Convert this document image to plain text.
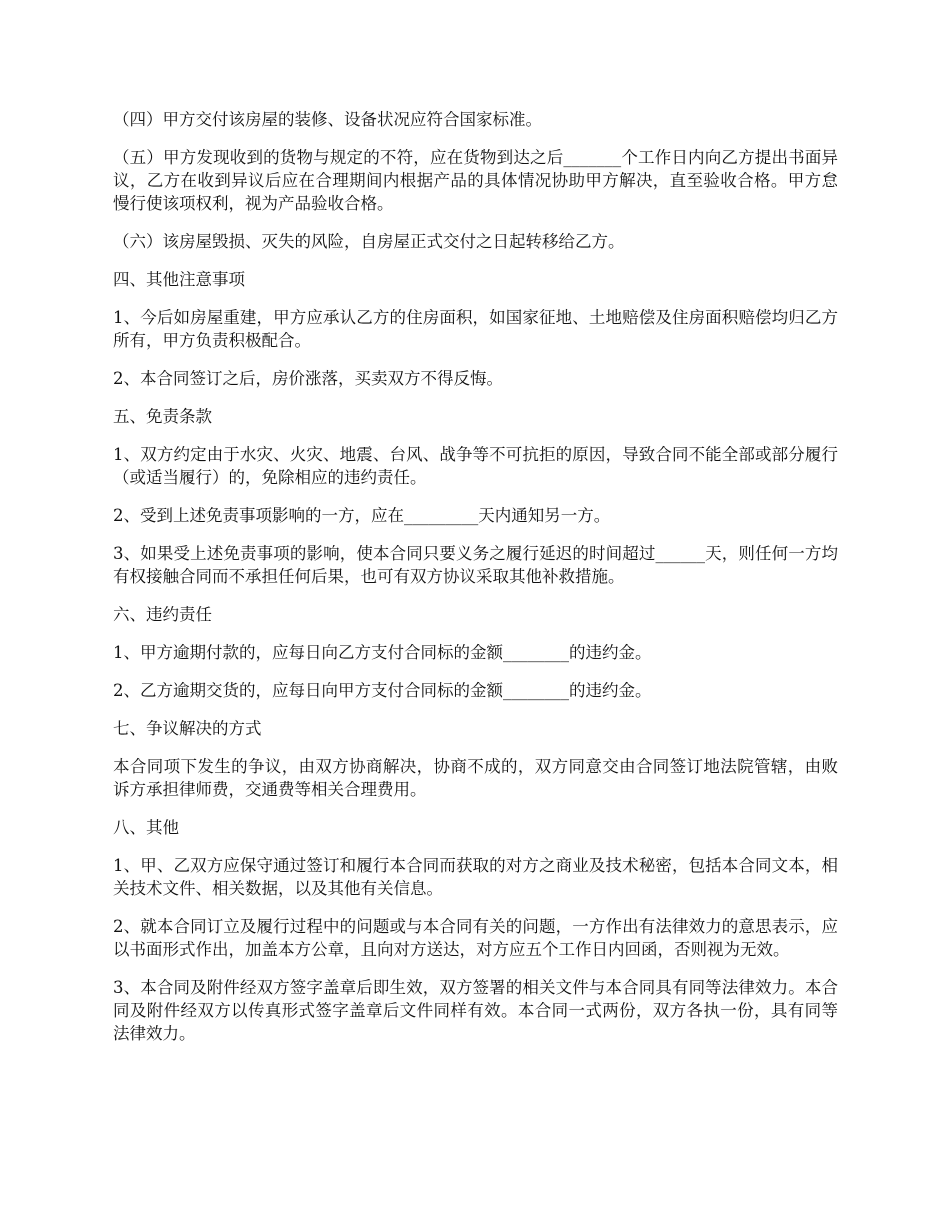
（四）甲方交付该房屋的装修、设备状况应符合国家标准。

（五）甲方发现收到的货物与规定的不符，应在货物到达之后_______个工作日内向乙方提出书面异议，乙方在收到异议后应在合理期间内根据产品的具体情况协助甲方解决，直至验收合格。甲方怠慢行使该项权利，视为产品验收合格。

（六）该房屋毁损、灭失的风险，自房屋正式交付之日起转移给乙方。

四、其他注意事项

1、今后如房屋重建，甲方应承认乙方的住房面积，如国家征地、土地赔偿及住房面积赔偿均归乙方所有，甲方负责积极配合。

2、本合同签订之后，房价涨落，买卖双方不得反悔。

五、免责条款

1、双方约定由于水灾、火灾、地震、台风、战争等不可抗拒的原因，导致合同不能全部或部分履行（或适当履行）的，免除相应的违约责任。

2、受到上述免责事项影响的一方，应在_________天内通知另一方。

3、如果受上述免责事项的影响，使本合同只要义务之履行延迟的时间超过______天，则任何一方均有权接触合同而不承担任何后果，也可有双方协议采取其他补救措施。

六、违约责任

1、甲方逾期付款的，应每日向乙方支付合同标的金额________的违约金。

2、乙方逾期交货的，应每日向甲方支付合同标的金额________的违约金。

七、争议解决的方式

本合同项下发生的争议，由双方协商解决，协商不成的，双方同意交由合同签订地法院管辖，由败诉方承担律师费，交通费等相关合理费用。

八、其他

1、甲、乙双方应保守通过签订和履行本合同而获取的对方之商业及技术秘密，包括本合同文本，相关技术文件、相关数据，以及其他有关信息。

2、就本合同订立及履行过程中的问题或与本合同有关的问题，一方作出有法律效力的意思表示，应以书面形式作出，加盖本方公章，且向对方送达，对方应五个工作日内回函，否则视为无效。

3、本合同及附件经双方签字盖章后即生效，双方签署的相关文件与本合同具有同等法律效力。本合同及附件经双方以传真形式签字盖章后文件同样有效。本合同一式两份，双方各执一份，具有同等法律效力。
